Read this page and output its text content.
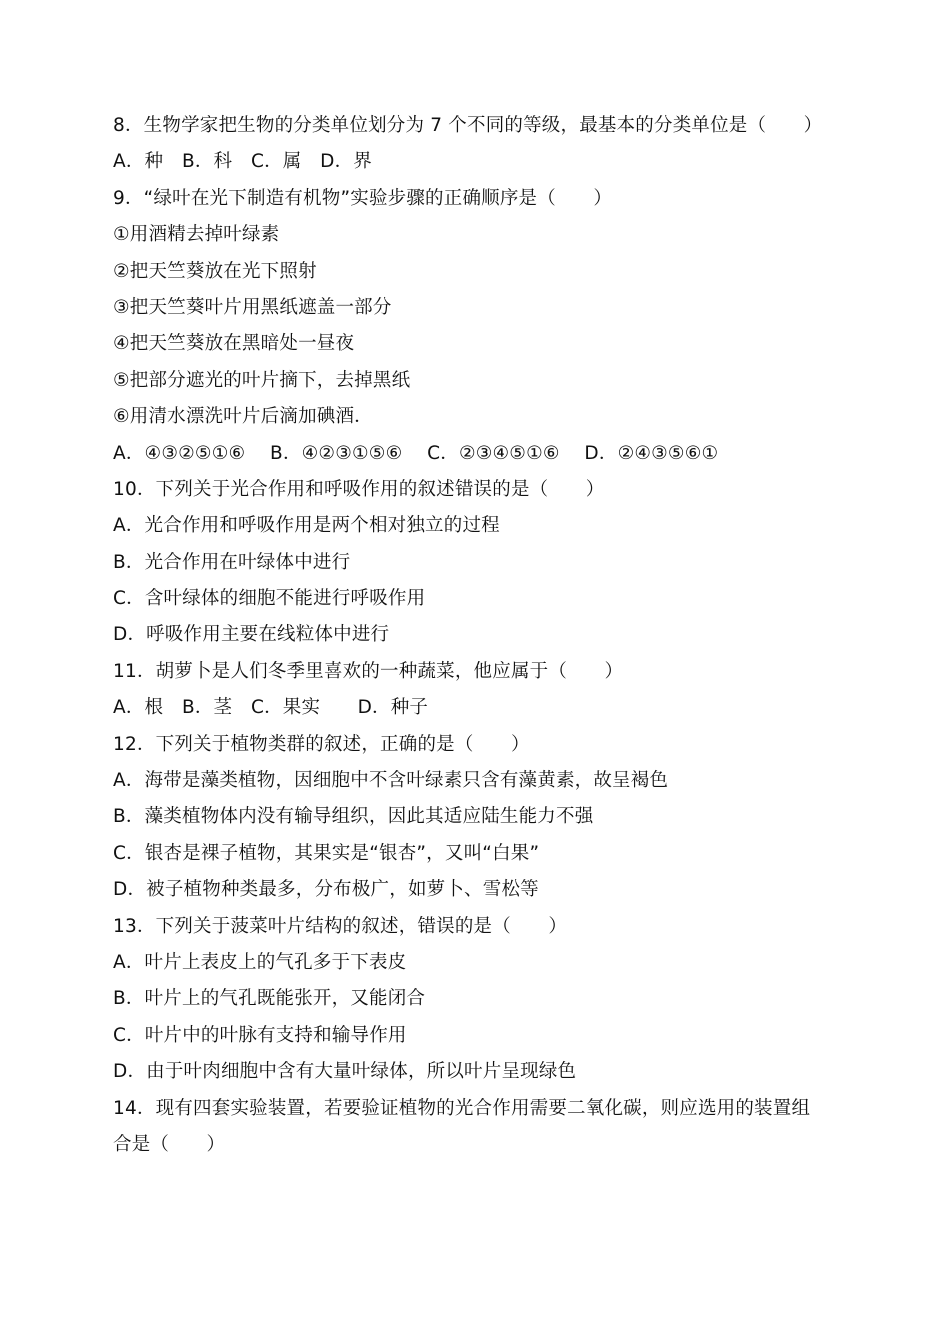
8．生物学家把生物的分类单位划分为 7 个不同的等级，最基本的分类单位是（　　）
A．种　B．科　C．属　D．界
9．“绿叶在光下制造有机物”实验步骤的正确顺序是（　　）
①用酒精去掉叶绿素
②把天竺葵放在光下照射
③把天竺葵叶片用黑纸遮盖一部分
④把天竺葵放在黑暗处一昼夜
⑤把部分遮光的叶片摘下，去掉黑纸
⑥用清水漂洗叶片后滴加碘酒．
A．④③②⑤①⑥　 B．④②③①⑤⑥　 C．②③④⑤①⑥　 D．②④③⑤⑥①
10．下列关于光合作用和呼吸作用的叙述错误的是（　　）
A．光合作用和呼吸作用是两个相对独立的过程
B．光合作用在叶绿体中进行
C．含叶绿体的细胞不能进行呼吸作用
D．呼吸作用主要在线粒体中进行
11．胡萝卜是人们冬季里喜欢的一种蔬菜，他应属于（　　）
A．根　B．茎　C．果实　　D．种子
12．下列关于植物类群的叙述，正确的是（　　）
A．海带是藻类植物，因细胞中不含叶绿素只含有藻黄素，故呈褐色
B．藻类植物体内没有输导组织，因此其适应陆生能力不强
C．银杏是裸子植物，其果实是“银杏”，又叫“白果”
D．被子植物种类最多，分布极广，如萝卜、雪松等
13．下列关于菠菜叶片结构的叙述，错误的是（　　）
A．叶片上表皮上的气孔多于下表皮
B．叶片上的气孔既能张开，又能闭合
C．叶片中的叶脉有支持和输导作用
D．由于叶肉细胞中含有大量叶绿体，所以叶片呈现绿色
14．现有四套实验装置，若要验证植物的光合作用需要二氧化碳，则应选用的装置组
合是（　　）
